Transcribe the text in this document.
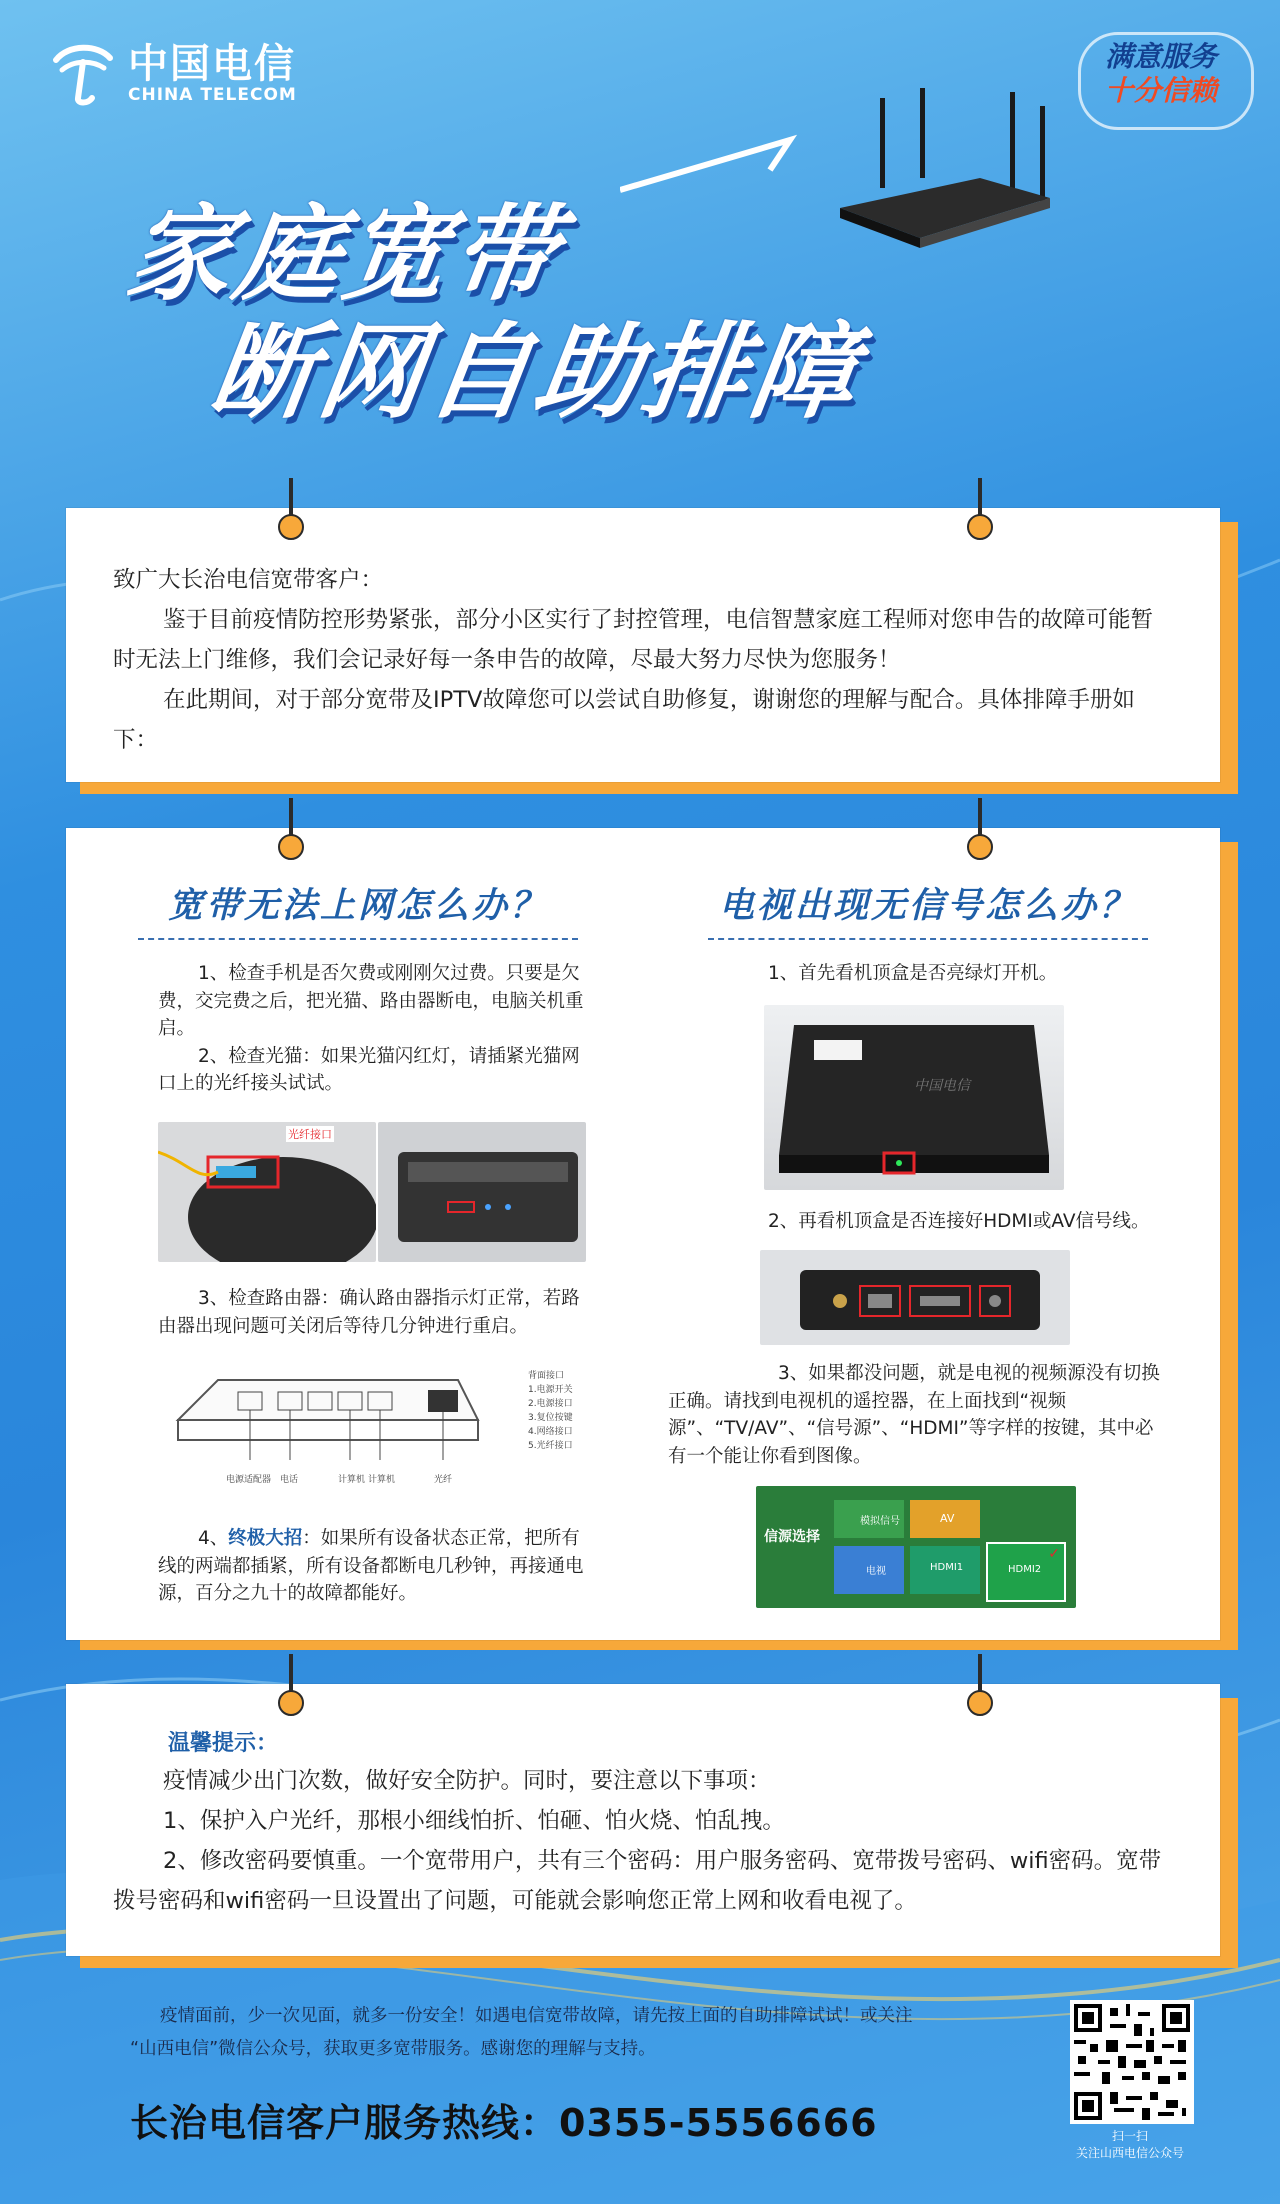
中国电信
CHINA TELECOM
满意服务
十分信赖
家庭宽带
断网自助排障

致广大长治电信宽带客户：

鉴于目前疫情防控形势紧张，部分小区实行了封控管理，电信智慧家庭工程师对您申告的故障可能暂时无法上门维修，我们会记录好每一条申告的故障，尽最大努力尽快为您服务！

在此期间，对于部分宽带及IPTV故障您可以尝试自助修复，谢谢您的理解与配合。具体排障手册如下：

宽带无法上网怎么办？

1、检查手机是否欠费或刚刚欠过费。只要是欠费，交完费之后，把光猫、路由器断电，电脑关机重启。

2、检查光猫：如果光猫闪红灯，请插紧光猫网口上的光纤接头试试。

光纤接口

3、检查路由器：确认路由器指示灯正常，若路由器出现问题可关闭后等待几分钟进行重启。

背面接口
1.电源开关
2.电源接口
3.复位按键
4.网络接口
5.光纤接口
电源适配器 电话	计算机 计算机	光纤

4、终极大招：如果所有设备状态正常，把所有线的两端都插紧，所有设备都断电几秒钟，再接通电源，百分之九十的故障都能好。

电视出现无信号怎么办？

1、首先看机顶盒是否亮绿灯开机。

中国电信

2、再看机顶盒是否连接好HDMI或AV信号线。

3、如果都没问题，就是电视的视频源没有切换正确。请找到电视机的遥控器，在上面找到“视频源”、“TV/AV”、“信号源”、“HDMI”等字样的按键，其中必有一个能让你看到图像。

信源选择
模拟信号	AV
电视	HDMI1	HDMI2
✓
温馨提示：

疫情减少出门次数，做好安全防护。同时，要注意以下事项：

1、保护入户光纤，那根小细线怕折、怕砸、怕火烧、怕乱拽。

2、修改密码要慎重。一个宽带用户，共有三个密码：用户服务密码、宽带拨号密码、wifi密码。宽带拨号密码和wifi密码一旦设置出了问题，可能就会影响您正常上网和收看电视了。

疫情面前，少一次见面，就多一份安全！如遇电信宽带故障，请先按上面的自助排障试试！或关注
“山西电信”微信公众号，获取更多宽带服务。感谢您的理解与支持。
长治电信客户服务热线：0355-5556666	扫一扫
关注山西电信公众号
